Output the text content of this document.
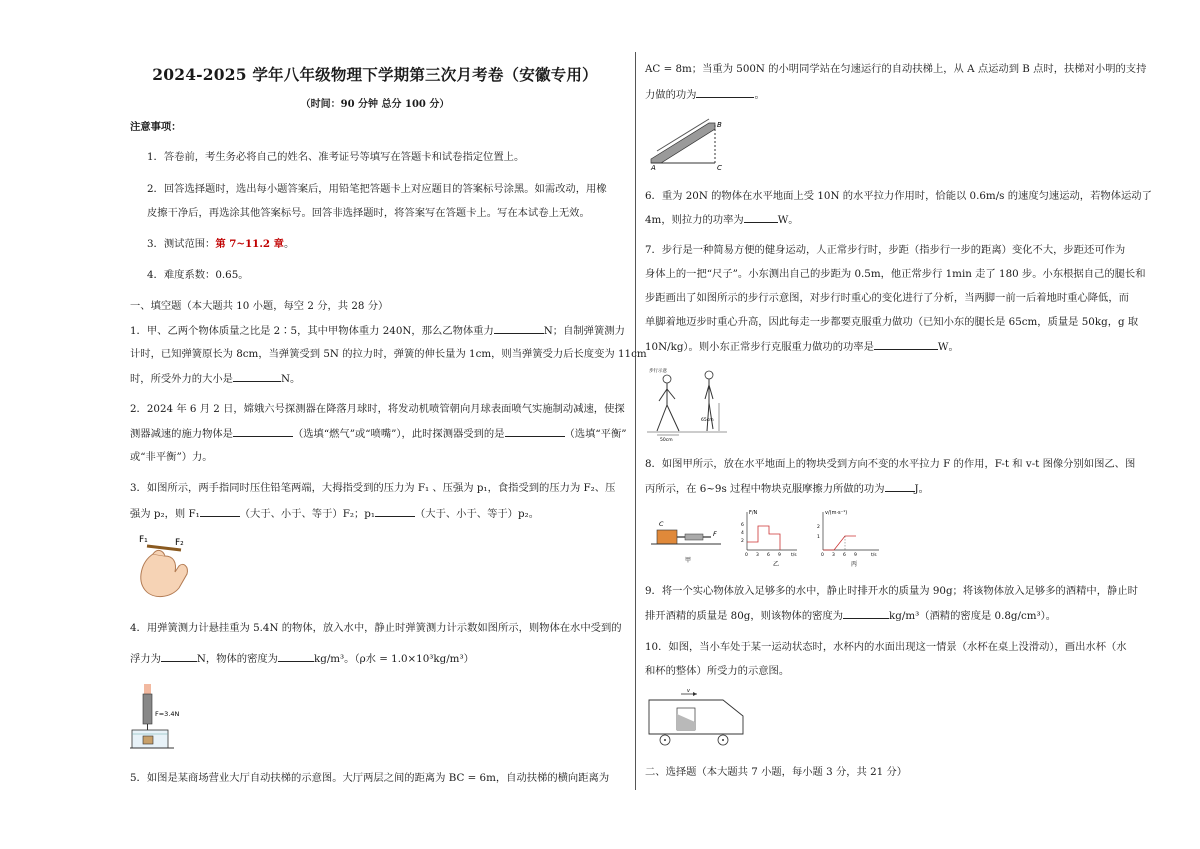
2024-2025 学年八年级物理下学期第三次月考卷（安徽专用）
（时间：90 分钟 总分 100 分）
注意事项：
1．答卷前，考生务必将自己的姓名、准考证号等填写在答题卡和试卷指定位置上。
2．回答选择题时，选出每小题答案后，用铅笔把答题卡上对应题目的答案标号涂黑。如需改动，用橡
皮擦干净后，再选涂其他答案标号。回答非选择题时，将答案写在答题卡上。写在本试卷上无效。
3．测试范围：第 7~11.2 章。
4．难度系数：0.65。
一、填空题（本大题共 10 小题，每空 2 分，共 28 分）
1．甲、乙两个物体质量之比是 2∶5，其中甲物体重力 240N，那么乙物体重力	N；自制弹簧测力
计时，已知弹簧原长为 8cm，当弹簧受到 5N 的拉力时，弹簧的伸长量为 1cm，则当弹簧受力后长度变为 11cm
时，所受外力的大小是	N。
2．2024 年 6 月 2 日，嫦娥六号探测器在降落月球时，将发动机喷管朝向月球表面喷气实施制动减速，使探
测器减速的施力物体是	（选填“燃气”或“喷嘴”），此时探测器受到的是	（选填“平衡”
或“非平衡”）力。
3．如图所示，两手指同时压住铅笔两端，大拇指受到的压力为 F₁ 、压强为 p₁，食指受到的压力为 F₂、压
强为 p₂，则 F₁	（大于、小于、等于）F₂；p₁	（大于、小于、等于）p₂。
F₁	F₂
4．用弹簧测力计悬挂重为 5.4N 的物体，放入水中，静止时弹簧测力计示数如图所示，则物体在水中受到的
浮力为	N，物体的密度为	kg/m³。（ρ水 = 1.0×10³kg/m³）
F=3.4N
5．如图是某商场营业大厅自动扶梯的示意图。大厅两层之间的距离为 BC = 6m，自动扶梯的横向距离为
AC = 8m；当重为 500N 的小明同学站在匀速运行的自动扶梯上，从 A 点运动到 B 点时，扶梯对小明的支持
力做的功为	。
A
B
C
6．重为 20N 的物体在水平地面上受 10N 的水平拉力作用时，恰能以 0.6m/s 的速度匀速运动，若物体运动了
4m，则拉力的功率为	W。
7．步行是一种简易方便的健身运动，人正常步行时，步距（指步行一步的距离）变化不大，步距还可作为
身体上的一把“尺子”。小东测出自己的步距为 0.5m，他正常步行 1min 走了 180 步。小东根据自己的腿长和
步距画出了如图所示的步行示意图，对步行时重心的变化进行了分析，当两脚一前一后着地时重心降低，而
单脚着地迈步时重心升高，因此每走一步都要克服重力做功（已知小东的腿长是 65cm，质量是 50kg，g 取
10N/kg）。则小东正常步行克服重力做功的功率是	W。
步行示意
65cm
50cm
8．如图甲所示，放在水平地面上的物块受到方向不变的水平拉力 F 的作用，F-t 和 v-t 图像分别如图乙、图
丙所示，在 6~9s 过程中物块克服摩擦力所做的功为	J。
C
F
甲
F/N
6
4
2
0 3 6 9 t/s
乙
v/(m·s⁻¹)
2
1
0 3 6 9	t/s
丙
9．将一个实心物体放入足够多的水中，静止时排开水的质量为 90g；将该物体放入足够多的酒精中，静止时
排开酒精的质量是 80g，则该物体的密度为	kg/m³（酒精的密度是 0.8g/cm³）。
10．如图，当小车处于某一运动状态时，水杯内的水面出现这一情景（水杯在桌上没滑动），画出水杯（水
和杯的整体）所受力的示意图。
v
二、选择题（本大题共 7 小题，每小题 3 分，共 21 分）
